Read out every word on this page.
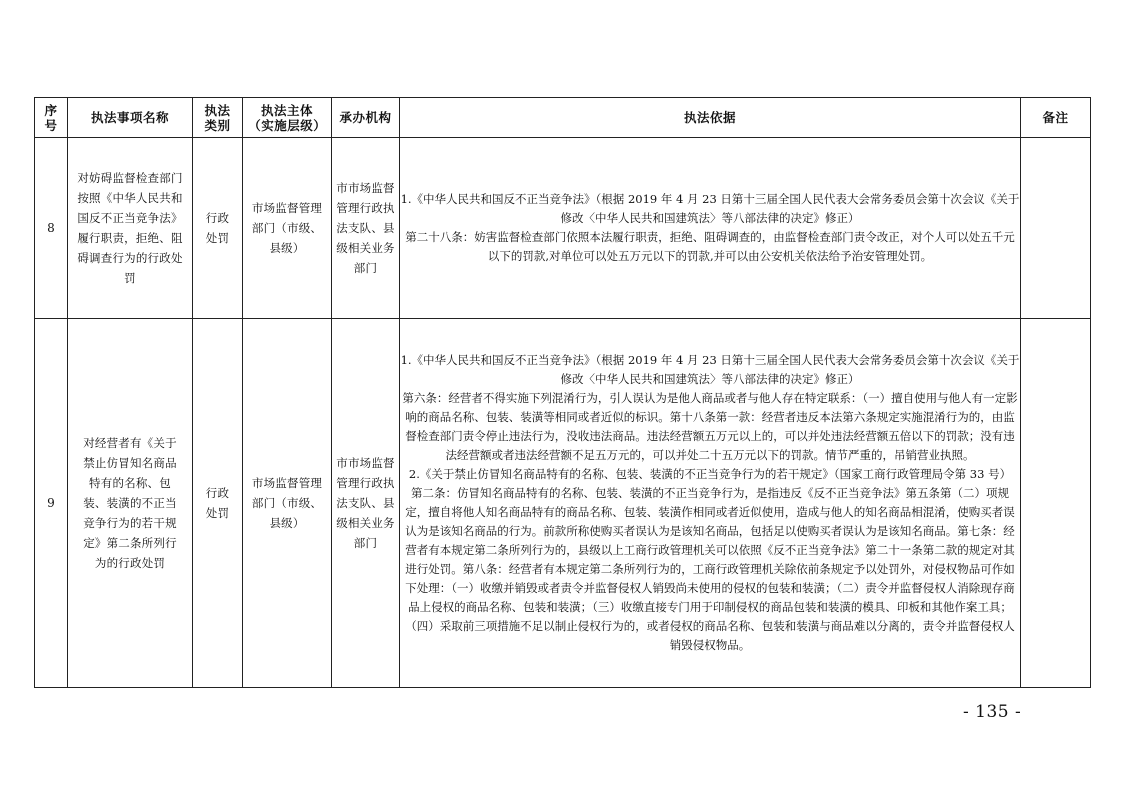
序号	执法事项名称	执法类别	执法主体（实施层级）	承办机构	执法依据	备注
8	对妨碍监督检查部门按照《中华人民共和国反不正当竞争法》履行职责，拒绝、阻碍调查行为的行政处罚	行政处罚	市场监督管理部门（市级、县级）	市市场监督管理行政执法支队、县级相关业务部门	1.《中华人民共和国反不正当竞争法》（根据 2019 年 4 月 23 日第十三届全国人民代表大会常务委员会第十次会议《关于修改〈中华人民共和国建筑法〉等八部法律的决定》修正）

第二十八条：妨害监督检查部门依照本法履行职责，拒绝、阻碍调查的，由监督检查部门责令改正，对个人可以处五千元以下的罚款,对单位可以处五万元以下的罚款,并可以由公安机关依法给予治安管理处罚。	

9	对经营者有《关于禁止仿冒知名商品特有的名称、包装、装潢的不正当竞争行为的若干规定》第二条所列行为的行政处罚	行政处罚	市场监督管理部门（市级、县级）	市市场监督管理行政执法支队、县级相关业务部门	1.《中华人民共和国反不正当竞争法》（根据 2019 年 4 月 23 日第十三届全国人民代表大会常务委员会第十次会议《关于修改〈中华人民共和国建筑法〉等八部法律的决定》修正）

第六条：经营者不得实施下列混淆行为，引人误认为是他人商品或者与他人存在特定联系：（一）擅自使用与他人有一定影响的商品名称、包装、装潢等相同或者近似的标识。第十八条第一款：经营者违反本法第六条规定实施混淆行为的，由监督检查部门责令停止违法行为，没收违法商品。违法经营额五万元以上的，可以并处违法经营额五倍以下的罚款；没有违法经营额或者违法经营额不足五万元的，可以并处二十五万元以下的罚款。情节严重的，吊销营业执照。

2.《关于禁止仿冒知名商品特有的名称、包装、装潢的不正当竞争行为的若干规定》（国家工商行政管理局令第 33 号）

第二条：仿冒知名商品特有的名称、包装、装潢的不正当竞争行为，是指违反《反不正当竞争法》第五条第（二）项规定，擅自将他人知名商品特有的商品名称、包装、装潢作相同或者近似使用，造成与他人的知名商品相混淆，使购买者误认为是该知名商品的行为。前款所称使购买者误认为是该知名商品，包括足以使购买者误认为是该知名商品。第七条：经营者有本规定第二条所列行为的，县级以上工商行政管理机关可以依照《反不正当竞争法》第二十一条第二款的规定对其进行处罚。第八条：经营者有本规定第二条所列行为的，工商行政管理机关除依前条规定予以处罚外，对侵权物品可作如下处理：（一）收缴并销毁或者责令并监督侵权人销毁尚未使用的侵权的包装和装潢；（二）责令并监督侵权人消除现存商品上侵权的商品名称、包装和装潢；（三）收缴直接专门用于印制侵权的商品包装和装潢的模具、印板和其他作案工具；（四）采取前三项措施不足以制止侵权行为的，或者侵权的商品名称、包装和装潢与商品难以分离的，责令并监督侵权人销毁侵权物品。	

- 135 -
